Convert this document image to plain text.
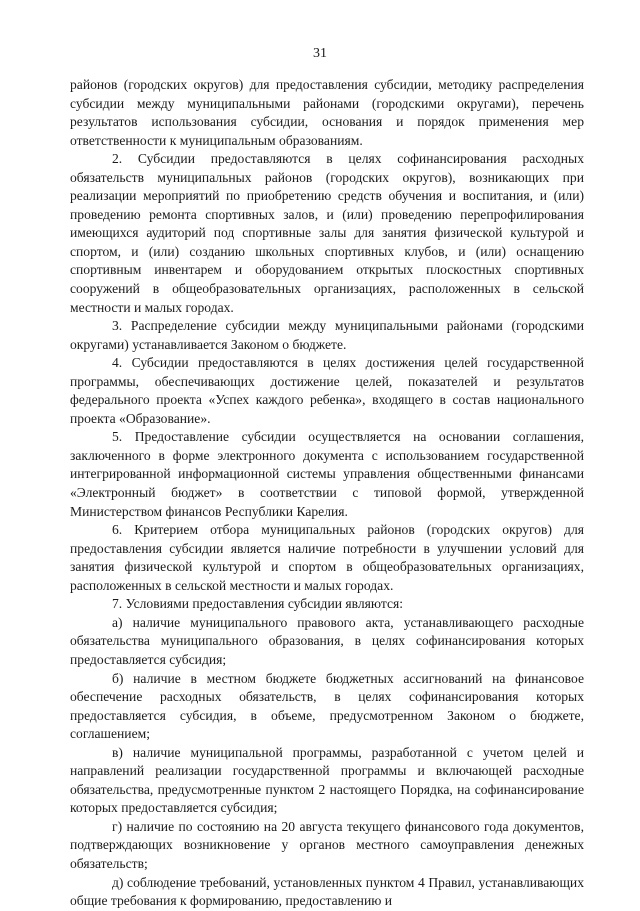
31

районов (городских округов) для предоставления субсидии, методику распределения субсидии между муниципальными районами (городскими округами), перечень результатов использования субсидии, основания и порядок применения мер ответственности к муниципальным образованиям.

2. Субсидии предоставляются в целях софинансирования расходных обязательств муниципальных районов (городских округов), возникающих при реализации мероприятий по приобретению средств обучения и воспитания, и (или) проведению ремонта спортивных залов, и (или) проведению перепрофилирования имеющихся аудиторий под спортивные залы для занятия физической культурой и спортом, и (или) созданию школьных спортивных клубов, и (или) оснащению спортивным инвентарем и оборудованием открытых плоскостных спортивных сооружений в общеобразовательных организациях, расположенных в сельской местности и малых городах.

3. Распределение субсидии между муниципальными районами (городскими округами) устанавливается Законом о бюджете.

4. Субсидии предоставляются в целях достижения целей государственной программы, обеспечивающих достижение целей, показателей и результатов федерального проекта «Успех каждого ребенка», входящего в состав национального проекта «Образование».

5. Предоставление субсидии осуществляется на основании соглашения, заключенного в форме электронного документа с использованием государственной интегрированной информационной системы управления общественными финансами «Электронный бюджет» в соответствии с типовой формой, утвержденной Министерством финансов Республики Карелия.

6. Критерием отбора муниципальных районов (городских округов) для предоставления субсидии является наличие потребности в улучшении условий для занятия физической культурой и спортом в общеобразовательных организациях, расположенных в сельской местности и малых городах.

7. Условиями предоставления субсидии являются:

а) наличие муниципального правового акта, устанавливающего расходные обязательства муниципального образования, в целях софинансирования которых предоставляется субсидия;

б) наличие в местном бюджете бюджетных ассигнований на финансовое обеспечение расходных обязательств, в целях софинансирования которых предоставляется субсидия, в объеме, предусмотренном Законом о бюджете, соглашением;

в) наличие муниципальной программы, разработанной с учетом целей и направлений реализации государственной программы и включающей расходные обязательства, предусмотренные пунктом 2 настоящего Порядка, на софинансирование которых предоставляется субсидия;

г) наличие по состоянию на 20 августа текущего финансового года документов, подтверждающих возникновение у органов местного самоуправления денежных обязательств;

д) соблюдение требований, установленных пунктом 4 Правил, устанавливающих общие требования к формированию, предоставлению и
